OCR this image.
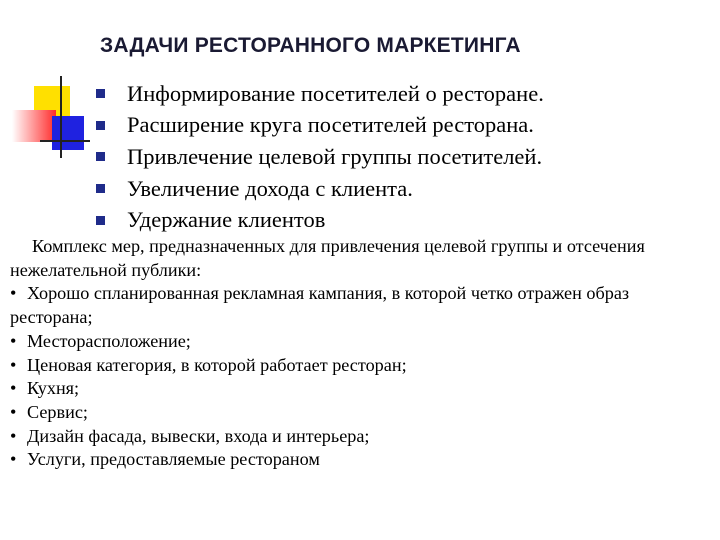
ЗАДАЧИ РЕСТОРАННОГО МАРКЕТИНГА
Информирование посетителей о ресторане.
Расширение круга посетителей ресторана.
Привлечение целевой группы посетителей.
Увеличение дохода с клиента.
Удержание клиентов

Комплекс мер, предназначенных для привлечения целевой группы и отсечения нежелательной публики:

• Хорошо спланированная рекламная кампания, в которой четко отражен образ ресторана;
• Месторасположение;
• Ценовая категория, в которой работает ресторан;
• Кухня;
• Сервис;
• Дизайн фасада, вывески, входа и интерьера;
• Услуги, предоставляемые рестораном
